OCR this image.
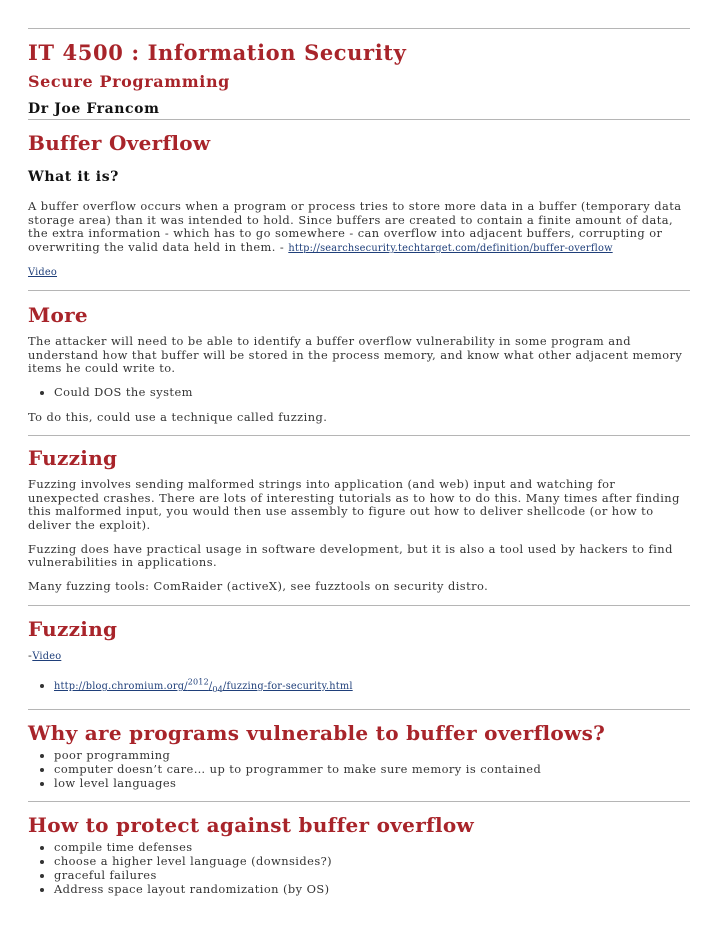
IT 4500 : Information Security
Secure Programming
Dr Joe Francom
Buffer Overflow
What it is?

A buffer overflow occurs when a program or process tries to store more data in a buffer (temporary data storage area) than it was intended to hold. Since buffers are created to contain a finite amount of data, the extra information - which has to go somewhere - can overflow into adjacent buffers, corrupting or overwriting the valid data held in them. - http://searchsecurity.techtarget.com/definition/buffer-overflow

Video

More

The attacker will need to be able to identify a buffer overflow vulnerability in some program and understand how that buffer will be stored in the process memory, and know what other adjacent memory items he could write to.

• Could DOS the system

To do this, could use a technique called fuzzing.

Fuzzing

Fuzzing involves sending malformed strings into application (and web) input and watching for unexpected crashes. There are lots of interesting tutorials as to how to do this. Many times after finding this malformed input, you would then use assembly to figure out how to deliver shellcode (or how to deliver the exploit).

Fuzzing does have practical usage in software development, but it is also a tool used by hackers to find vulnerabilities in applications.

Many fuzzing tools: ComRaider (activeX), see fuzztools on security distro.

Fuzzing

-Video

• $http://blog.chromium.org/^{2012}/_{04}/fuzzing-for-security.html$
Why are programs vulnerable to buffer overflows?
• poor programming
• computer doesn’t care… up to programmer to make sure memory is contained
• low level languages
How to protect against buffer overflow
• compile time defenses
• choose a higher level language (downsides?)
• graceful failures
• Address space layout randomization (by OS)
